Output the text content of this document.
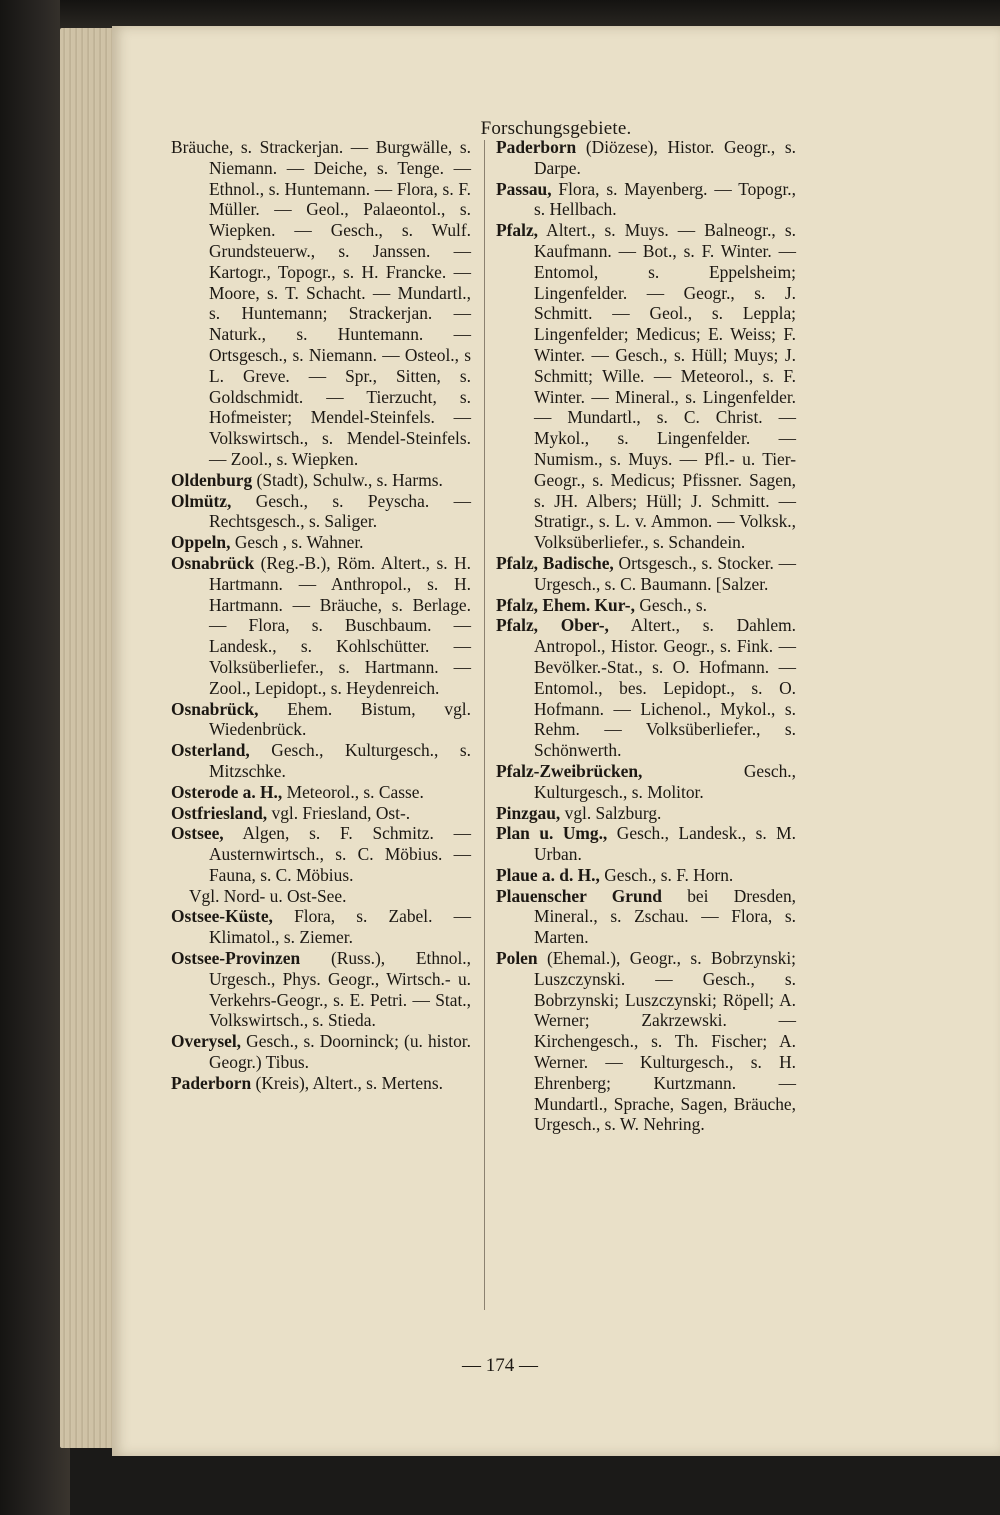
Forschungsgebiete.
Bräuche, s. Strackerjan. — Burgwälle, s. Niemann. — Deiche, s. Tenge. — Ethnol., s. Huntemann. — Flora, s. F. Müller. — Geol., Palaeontol., s. Wiepken. — Gesch., s. Wulf. Grundsteuerw., s. Janssen. — Kartogr., Topogr., s. H. Francke. — Moore, s. T. Schacht. — Mundartl., s. Huntemann; Strackerjan. — Naturk., s. Huntemann. — Ortsgesch., s. Niemann. — Osteol., s L. Greve. — Spr., Sitten, s. Goldschmidt. — Tierzucht, s. Hofmeister; Mendel-Steinfels. — Volkswirtsch., s. Mendel-Steinfels. — Zool., s. Wiepken.
Oldenburg (Stadt), Schulw., s. Harms.
Olmütz, Gesch., s. Peyscha. — Rechtsgesch., s. Saliger.
Oppeln, Gesch , s. Wahner.
Osnabrück (Reg.-B.), Röm. Altert., s. H. Hartmann. — Anthropol., s. H. Hartmann. — Bräuche, s. Berlage. — Flora, s. Buschbaum. — Landesk., s. Kohlschütter. — Volksüberliefer., s. Hartmann. — Zool., Lepidopt., s. Heydenreich.
Osnabrück, Ehem. Bistum, vgl. Wiedenbrück.
Osterland, Gesch., Kulturgesch., s. Mitzschke.
Osterode a. H., Meteorol., s. Casse.
Ostfriesland, vgl. Friesland, Ost-.
Ostsee, Algen, s. F. Schmitz. — Austernwirtsch., s. C. Möbius. — Fauna, s. C. Möbius.
Vgl. Nord- u. Ost-See.
Ostsee-Küste, Flora, s. Zabel. — Klimatol., s. Ziemer.
Ostsee-Provinzen (Russ.), Ethnol., Urgesch., Phys. Geogr., Wirtsch.- u. Verkehrs-Geogr., s. E. Petri. — Stat., Volkswirtsch., s. Stieda.
Overysel, Gesch., s. Doorninck; (u. histor. Geogr.) Tibus.
Paderborn (Kreis), Altert., s. Mertens.
Paderborn (Diözese), Histor. Geogr., s. Darpe.
Passau, Flora, s. Mayenberg. — Topogr., s. Hellbach.
Pfalz, Altert., s. Muys. — Balneogr., s. Kaufmann. — Bot., s. F. Winter. — Entomol, s. Eppelsheim; Lingenfelder. — Geogr., s. J. Schmitt. — Geol., s. Leppla; Lingenfelder; Medicus; E. Weiss; F. Winter. — Gesch., s. Hüll; Muys; J. Schmitt; Wille. — Meteorol., s. F. Winter. — Mineral., s. Lingenfelder. — Mundartl., s. C. Christ. — Mykol., s. Lingenfelder. — Numism., s. Muys. — Pfl.- u. Tier-Geogr., s. Medicus; Pfissner. Sagen, s. JH. Albers; Hüll; J. Schmitt. — Stratigr., s. L. v. Ammon. — Volksk., Volksüberliefer., s. Schandein.
Pfalz, Badische, Ortsgesch., s. Stocker. — Urgesch., s. C. Baumann. [Salzer.
Pfalz, Ehem. Kur-, Gesch., s.
Pfalz, Ober-, Altert., s. Dahlem. Antropol., Histor. Geogr., s. Fink. — Bevölker.-Stat., s. O. Hofmann. — Entomol., bes. Lepidopt., s. O. Hofmann. — Lichenol., Mykol., s. Rehm. — Volksüberliefer., s. Schönwerth.
Pfalz-Zweibrücken,	Gesch., Kulturgesch., s. Molitor.
Pinzgau, vgl. Salzburg.
Plan u. Umg., Gesch., Landesk., s. M. Urban.
Plaue a. d. H., Gesch., s. F. Horn.
Plauenscher Grund bei Dresden, Mineral., s. Zschau. — Flora, s. Marten.
Polen (Ehemal.), Geogr., s. Bobrzynski; Luszczynski. — Gesch., s. Bobrzynski; Luszczynski; Röpell; A. Werner; Zakrzewski. — Kirchengesch., s. Th. Fischer; A. Werner. — Kulturgesch., s. H. Ehrenberg; Kurtzmann. — Mundartl., Sprache, Sagen, Bräuche, Urgesch., s. W. Nehring.
— 174 —
